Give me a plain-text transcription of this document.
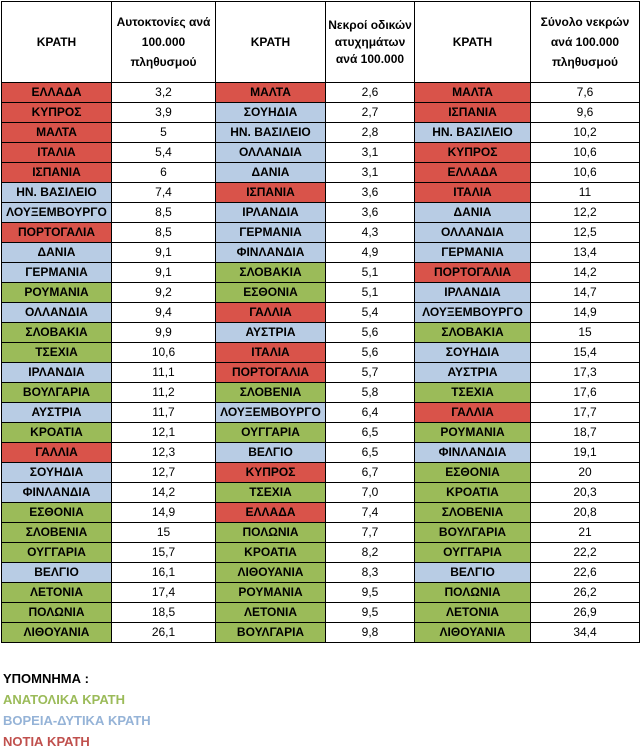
ΚΡΑΤΗ	Αυτοκτονίες ανά 100.000 πληθυσμού	ΚΡΑΤΗ	Νεκροί οδικών ατυχημάτων ανά 100.000	ΚΡΑΤΗ	Σύνολο νεκρών ανά 100.000 πληθυσμού
ΕΛΛΑΔΑ	3,2	ΜΑΛΤΑ	2,6	ΜΑΛΤΑ	7,6
ΚΥΠΡΟΣ	3,9	ΣΟΥΗΔΙΑ	2,7	ΙΣΠΑΝΙΑ	9,6
ΜΑΛΤΑ	5	ΗΝ. ΒΑΣΙΛΕΙΟ	2,8	ΗΝ. ΒΑΣΙΛΕΙΟ	10,2
ΙΤΑΛΙΑ	5,4	ΟΛΛΑΝΔΙΑ	3,1	ΚΥΠΡΟΣ	10,6
ΙΣΠΑΝΙΑ	6	ΔΑΝΙΑ	3,1	ΕΛΛΑΔΑ	10,6
ΗΝ. ΒΑΣΙΛΕΙΟ	7,4	ΙΣΠΑΝΙΑ	3,6	ΙΤΑΛΙΑ	11
ΛΟΥΞΕΜΒΟΥΡΓΟ	8,5	ΙΡΛΑΝΔΙΑ	3,6	ΔΑΝΙΑ	12,2
ΠΟΡΤΟΓΑΛΙΑ	8,5	ΓΕΡΜΑΝΙΑ	4,3	ΟΛΛΑΝΔΙΑ	12,5
ΔΑΝΙΑ	9,1	ΦΙΝΛΑΝΔΙΑ	4,9	ΓΕΡΜΑΝΙΑ	13,4
ΓΕΡΜΑΝΙΑ	9,1	ΣΛΟΒΑΚΙΑ	5,1	ΠΟΡΤΟΓΑΛΙΑ	14,2
ΡΟΥΜΑΝΙΑ	9,2	ΕΣΘΟΝΙΑ	5,1	ΙΡΛΑΝΔΙΑ	14,7
ΟΛΛΑΝΔΙΑ	9,4	ΓΑΛΛΙΑ	5,4	ΛΟΥΞΕΜΒΟΥΡΓΟ	14,9
ΣΛΟΒΑΚΙΑ	9,9	ΑΥΣΤΡΙΑ	5,6	ΣΛΟΒΑΚΙΑ	15
ΤΣΕΧΙΑ	10,6	ΙΤΑΛΙΑ	5,6	ΣΟΥΗΔΙΑ	15,4
ΙΡΛΑΝΔΙΑ	11,1	ΠΟΡΤΟΓΑΛΙΑ	5,7	ΑΥΣΤΡΙΑ	17,3
ΒΟΥΛΓΑΡΙΑ	11,2	ΣΛΟΒΕΝΙΑ	5,8	ΤΣΕΧΙΑ	17,6
ΑΥΣΤΡΙΑ	11,7	ΛΟΥΞΕΜΒΟΥΡΓΟ	6,4	ΓΑΛΛΙΑ	17,7
ΚΡΟΑΤΙΑ	12,1	ΟΥΓΓΑΡΙΑ	6,5	ΡΟΥΜΑΝΙΑ	18,7
ΓΑΛΛΙΑ	12,3	ΒΕΛΓΙΟ	6,5	ΦΙΝΛΑΝΔΙΑ	19,1
ΣΟΥΗΔΙΑ	12,7	ΚΥΠΡΟΣ	6,7	ΕΣΘΟΝΙΑ	20
ΦΙΝΛΑΝΔΙΑ	14,2	ΤΣΕΧΙΑ	7,0	ΚΡΟΑΤΙΑ	20,3
ΕΣΘΟΝΙΑ	14,9	ΕΛΛΑΔΑ	7,4	ΣΛΟΒΕΝΙΑ	20,8
ΣΛΟΒΕΝΙΑ	15	ΠΟΛΩΝΙΑ	7,7	ΒΟΥΛΓΑΡΙΑ	21
ΟΥΓΓΑΡΙΑ	15,7	ΚΡΟΑΤΙΑ	8,2	ΟΥΓΓΑΡΙΑ	22,2
ΒΕΛΓΙΟ	16,1	ΛΙΘΟΥΑΝΙΑ	8,3	ΒΕΛΓΙΟ	22,6
ΛΕΤΟΝΙΑ	17,4	ΡΟΥΜΑΝΙΑ	9,5	ΠΟΛΩΝΙΑ	26,2
ΠΟΛΩΝΙΑ	18,5	ΛΕΤΟΝΙΑ	9,5	ΛΕΤΟΝΙΑ	26,9
ΛΙΘΟΥΑΝΙΑ	26,1	ΒΟΥΛΓΑΡΙΑ	9,8	ΛΙΘΟΥΑΝΙΑ	34,4
ΥΠΟΜΝΗΜΑ :
ΑΝΑΤΟΛΙΚΑ ΚΡΑΤΗ
ΒΟΡΕΙΑ-ΔΥΤΙΚΑ ΚΡΑΤΗ
ΝΟΤΙΑ ΚΡΑΤΗ
